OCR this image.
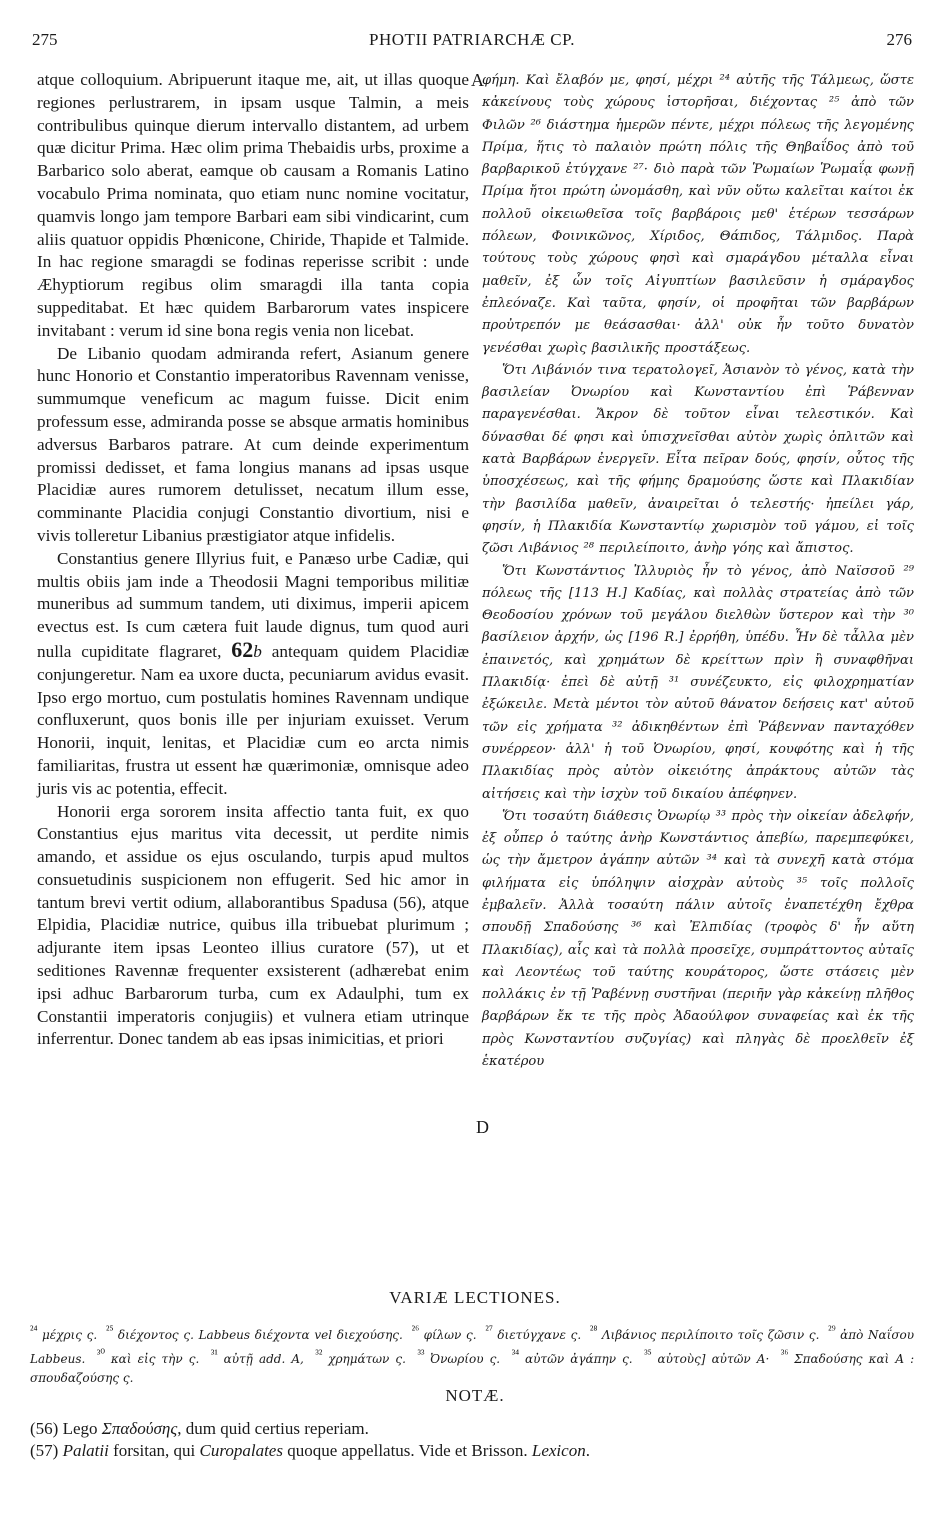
275	PHOTII PATRIARCHÆ CP.	276
A
D

atque colloquium. Abripuerunt itaque me, ait, ut illas quoque regiones perlustrarem, in ipsam usque Talmin, a meis contribulibus quinque dierum intervallo distantem, ad urbem quæ dicitur Prima. Hæc olim prima Thebaidis urbs, proxime a Barbarico solo aberat, eamque ob causam a Romanis Latino vocabulo Prima nominata, quo etiam nunc nomine vocitatur, quamvis longo jam tempore Barbari eam sibi vindicarint, cum aliis quatuor oppidis Phœnicone, Chiride, Thapide et Talmide. In hac regione smaragdi se fodinas reperisse scribit : unde Æhyptiorum regibus olim smaragdi illa tanta copia suppeditabat. Et hæc quidem Barbarorum vates inspicere invitabant : verum id sine bona regis venia non licebat.

De Libanio quodam admiranda refert, Asianum genere hunc Honorio et Constantio imperatoribus Ravennam venisse, summumque veneficum ac magum fuisse. Dicit enim professum esse, admiranda posse se absque armatis hominibus adversus Barbaros patrare. At cum deinde experimentum promissi dedisset, et fama longius manans ad ipsas usque Placidiæ aures rumorem detulisset, necatum illum esse, comminante Placidia conjugi Constantio divortium, nisi e vivis tolleretur Libanius præstigiator atque infidelis.

Constantius genere Illyrius fuit, e Panæso urbe Cadiæ, qui multis obiis jam inde a Theodosii Magni temporibus militiæ muneribus ad summum tandem, uti diximus, imperii apicem evectus est. Is cum cætera fuit laude dignus, tum quod auri nulla cupiditate flagraret, 62b antequam quidem Placidiæ conjungeretur. Nam ea uxore ducta, pecuniarum avidus evasit. Ipso ergo mortuo, cum postulatis homines Ravennam undique confluxerunt, quos bonis ille per injuriam exuisset. Verum Honorii, inquit, lenitas, et Placidiæ cum eo arcta nimis familiaritas, frustra ut essent hæ quærimoniæ, omnisque adeo juris vis ac potentia, effecit.

Honorii erga sororem insita affectio tanta fuit, ex quo Constantius ejus maritus vita decessit, ut perdite nimis amando, et assidue os ejus osculando, turpis apud multos consuetudinis suspicionem non effugerit. Sed hic amor in tantum brevi vertit odium, allaborantibus Spadusa (56), atque Elpidia, Placidiæ nutrice, quibus illa tribuebat plurimum ; adjurante item ipsas Leonteo illius curatore (57), ut et seditiones Ravennæ frequenter exsisterent (adhærebat enim ipsi adhuc Barbarorum turba, cum ex Adaulphi, tum ex Constantii imperatoris conjugiis) et vulnera etiam utrinque inferrentur. Donec tandem ab eas ipsas inimicitias, et priori

φήμη. Καὶ ἔλαβόν με, φησί, μέχρι ²⁴ αὐτῆς τῆς Τάλμεως, ὥστε κἀκείνους τοὺς χώρους ἱστορῆσαι, διέχοντας ²⁵ ἀπὸ τῶν Φιλῶν ²⁶ διάστημα ἡμερῶν πέντε, μέχρι πόλεως τῆς λεγομένης Πρίμα, ἥτις τὸ παλαιὸν πρώτη πόλις τῆς Θηβαΐδος ἀπὸ τοῦ βαρβαρικοῦ ἐτύγχανε ²⁷· διὸ παρὰ τῶν Ῥωμαίων Ῥωμαΐᾳ φωνῇ Πρίμα ἤτοι πρώτη ὠνομάσθη, καὶ νῦν οὕτω καλεῖται καίτοι ἐκ πολλοῦ οἰκειωθεῖσα τοῖς βαρβάροις μεθ' ἑτέρων τεσσάρων πόλεων, Φοινικῶνος, Χίριδος, Θάπιδος, Τάλμιδος. Παρὰ τούτους τοὺς χώρους φησὶ καὶ σμαράγδου μέταλλα εἶναι μαθεῖν, ἐξ ὧν τοῖς Αἰγυπτίων βασιλεῦσιν ἡ σμάραγδος ἐπλεόναζε. Καὶ ταῦτα, φησίν, οἱ προφῆται τῶν βαρβάρων προὐτρεπόν με θεάσασθαι· ἀλλ' οὐκ ἦν τοῦτο δυνατὸν γενέσθαι χωρὶς βασιλικῆς προστάξεως.

Ὅτι Λιβάνιόν τινα τερατολογεῖ, Ἀσιανὸν τὸ γένος, κατὰ τὴν βασιλείαν Ὀνωρίου καὶ Κωνσταντίου ἐπὶ Ῥάβενναν παραγενέσθαι. Ἄκρον δὲ τοῦτον εἶναι τελεστικόν. Καὶ δύνασθαι δέ φησι καὶ ὑπισχνεῖσθαι αὐτὸν χωρὶς ὁπλιτῶν καὶ κατὰ Βαρβάρων ἐνεργεῖν. Εἶτα πεῖραν δούς, φησίν, οὗτος τῆς ὑποσχέσεως, καὶ τῆς φήμης δραμούσης ὥστε καὶ Πλακιδίαν τὴν βασιλίδα μαθεῖν, ἀναιρεῖται ὁ τελεστής· ἠπείλει γάρ, φησίν, ἡ Πλακιδία Κωνσταντίῳ χωρισμὸν τοῦ γάμου, εἰ τοῖς ζῶσι Λιβάνιος ²⁸ περιλείποιτο, ἀνὴρ γόης καὶ ἄπιστος.

Ὅτι Κωνστάντιος Ἰλλυριὸς ἦν τὸ γένος, ἀπὸ Ναϊσσοῦ ²⁹ πόλεως τῆς [113 Η.] Καδίας, καὶ πολλὰς στρατείας ἀπὸ τῶν Θεοδοσίου χρόνων τοῦ μεγάλου διελθὼν ὕστερον καὶ τὴν ³⁰ βασίλειον ἀρχήν, ὡς [196 R.] ἐρρήθη, ὑπέδυ. Ἦν δὲ τἆλλα μὲν ἐπαινετός, καὶ χρημάτων δὲ κρείττων πρὶν ἢ συναφθῆναι Πλακιδίᾳ· ἐπεὶ δὲ αὐτῇ ³¹ συνέζευκτο, εἰς φιλοχρηματίαν ἐξώκειλε. Μετὰ μέντοι τὸν αὐτοῦ θάνατον δεήσεις κατ' αὐτοῦ τῶν εἰς χρήματα ³² ἀδικηθέντων ἐπὶ Ῥάβενναν πανταχόθεν συνέρρεον· ἀλλ' ἡ τοῦ Ὀνωρίου, φησί, κουφότης καὶ ἡ τῆς Πλακιδίας πρὸς αὐτὸν οἰκειότης ἀπράκτους αὐτῶν τὰς αἰτήσεις καὶ τὴν ἰσχὺν τοῦ δικαίου ἀπέφηνεν.

Ὅτι τοσαύτη διάθεσις Ὀνωρίῳ ³³ πρὸς τὴν οἰκείαν ἀδελφήν, ἐξ οὗπερ ὁ ταύτης ἀνὴρ Κωνστάντιος ἀπεβίω, παρεμπεφύκει, ὡς τὴν ἄμετρον ἀγάπην αὐτῶν ³⁴ καὶ τὰ συνεχῆ κατὰ στόμα φιλήματα εἰς ὑπόληψιν αἰσχρὰν αὐτοὺς ³⁵ τοῖς πολλοῖς ἐμβαλεῖν. Ἀλλὰ τοσαύτη πάλιν αὐτοῖς ἐναπετέχθη ἔχθρα σπουδῇ Σπαδούσης ³⁶ καὶ Ἐλπιδίας (τροφὸς δ' ἦν αὕτη Πλακιδίας), αἷς καὶ τὰ πολλὰ προσεῖχε, συμπράττοντος αὐταῖς καὶ Λεοντέως τοῦ ταύτης κουράτορος, ὥστε στάσεις μὲν πολλάκις ἐν τῇ Ῥαβέννῃ συστῆναι (περιῆν γὰρ κἀκείνῃ πλῆθος βαρβάρων ἔκ τε τῆς πρὸς Ἀδαούλφον συναφείας καὶ ἐκ τῆς πρὸς Κωνσταντίου συζυγίας) καὶ πληγὰς δὲ προελθεῖν ἐξ ἑκατέρου

VARIÆ LECTIONES.
$^{^{24}}$ μέχρις ς. $^{^{25}}$ διέχοντος ς. Labbeus διέχοντα vel διεχούσης. $^{^{26}}$ φίλων ς. $^{^{27}}$ διετύγχανε ς. $^{^{28}}$ Λιβάνιος περιλίποιτο τοῖς ζῶσιν ς. $^{^{29}}$ ἀπὸ Ναΐσου Labbeus. $^{^{30}}$ καὶ εἰς τὴν ς. $^{^{31}}$ αὐτῇ add. A, $^{^{32}}$ χρημάτων ς. $^{^{33}}$ Ὀνωρίου ς. $^{^{34}}$ αὐτῶν ἀγάπην ς. $^{^{35}}$ αὐτοὺς] αὐτῶν A· $^{^{36}}$ Σπαδούσης καὶ A : σπουδαζούσης ς.
NOTÆ.

(56) Lego Σπαδούσης, dum quid certius reperiam.

(57) Palatii forsitan, qui Curopalates quoque appellatus. Vide et Brisson. Lexicon.
